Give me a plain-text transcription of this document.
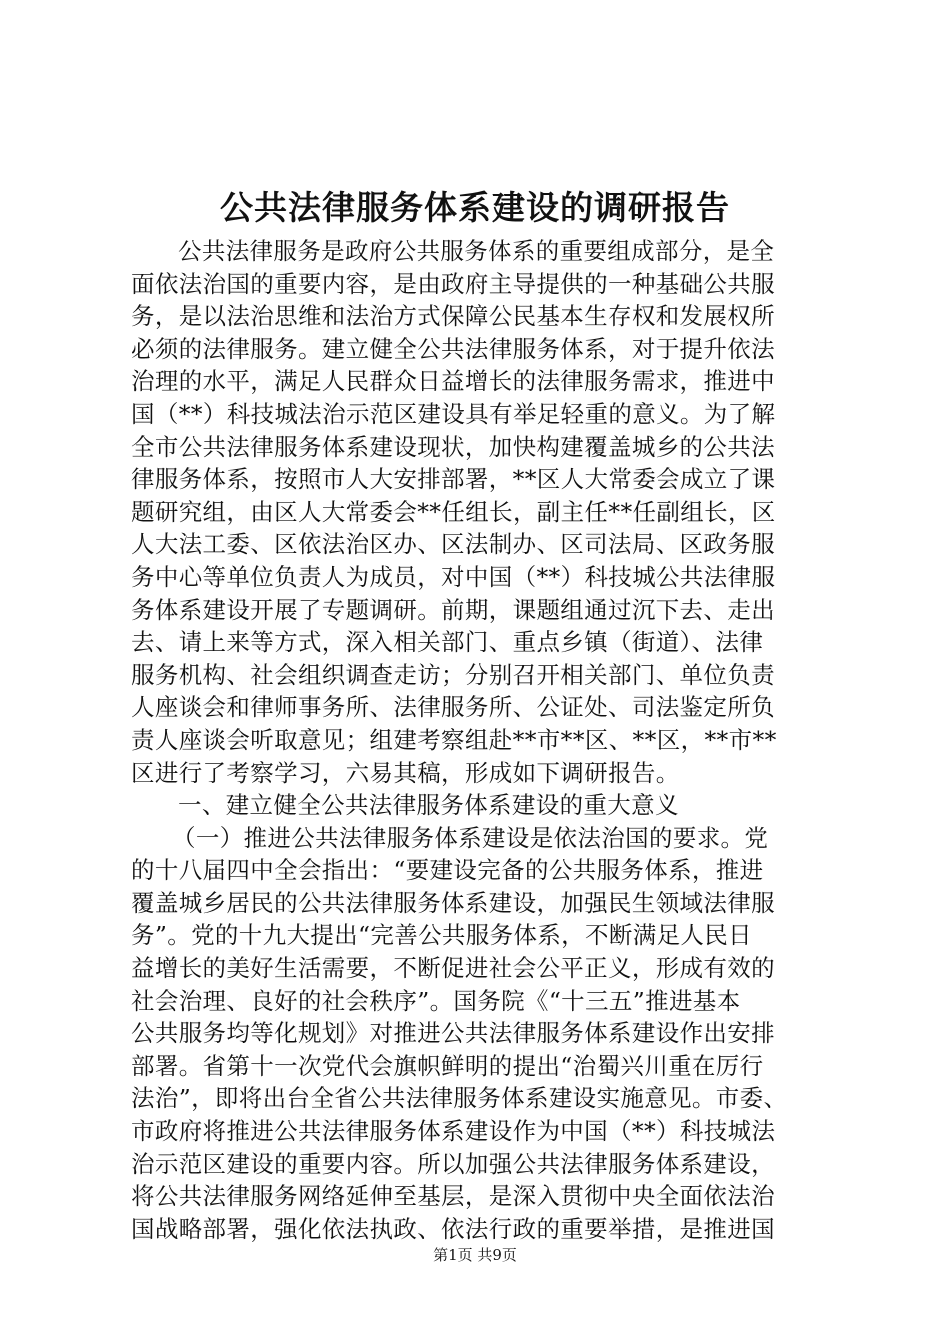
公共法律服务体系建设的调研报告
公共法律服务是政府公共服务体系的重要组成部分，是全
面依法治国的重要内容，是由政府主导提供的一种基础公共服
务，是以法治思维和法治方式保障公民基本生存权和发展权所
必须的法律服务。建立健全公共法律服务体系，对于提升依法
治理的水平，满足人民群众日益增长的法律服务需求，推进中
国（**）科技城法治示范区建设具有举足轻重的意义。为了解
全市公共法律服务体系建设现状，加快构建覆盖城乡的公共法
律服务体系，按照市人大安排部署，**区人大常委会成立了课
题研究组，由区人大常委会**任组长，副主任**任副组长，区
人大法工委、区依法治区办、区法制办、区司法局、区政务服
务中心等单位负责人为成员，对中国（**）科技城公共法律服
务体系建设开展了专题调研。前期，课题组通过沉下去、走出
去、请上来等方式，深入相关部门、重点乡镇（街道）、法律
服务机构、社会组织调查走访；分别召开相关部门、单位负责
人座谈会和律师事务所、法律服务所、公证处、司法鉴定所负
责人座谈会听取意见；组建考察组赴**市**区、**区，**市**
区进行了考察学习，六易其稿，形成如下调研报告。
一、建立健全公共法律服务体系建设的重大意义
（一）推进公共法律服务体系建设是依法治国的要求。党
的十八届四中全会指出：“要建设完备的公共服务体系，推进
覆盖城乡居民的公共法律服务体系建设，加强民生领域法律服
务”。党的十九大提出“完善公共服务体系，不断满足人民日
益增长的美好生活需要，不断促进社会公平正义，形成有效的
社会治理、良好的社会秩序”。国务院《“十三五”推进基本
公共服务均等化规划》对推进公共法律服务体系建设作出安排
部署。省第十一次党代会旗帜鲜明的提出“治蜀兴川重在厉行
法治”，即将出台全省公共法律服务体系建设实施意见。市委、
市政府将推进公共法律服务体系建设作为中国（**）科技城法
治示范区建设的重要内容。所以加强公共法律服务体系建设，
将公共法律服务网络延伸至基层，是深入贯彻中央全面依法治
国战略部署，强化依法执政、依法行政的重要举措，是推进国
第1页 共9页
